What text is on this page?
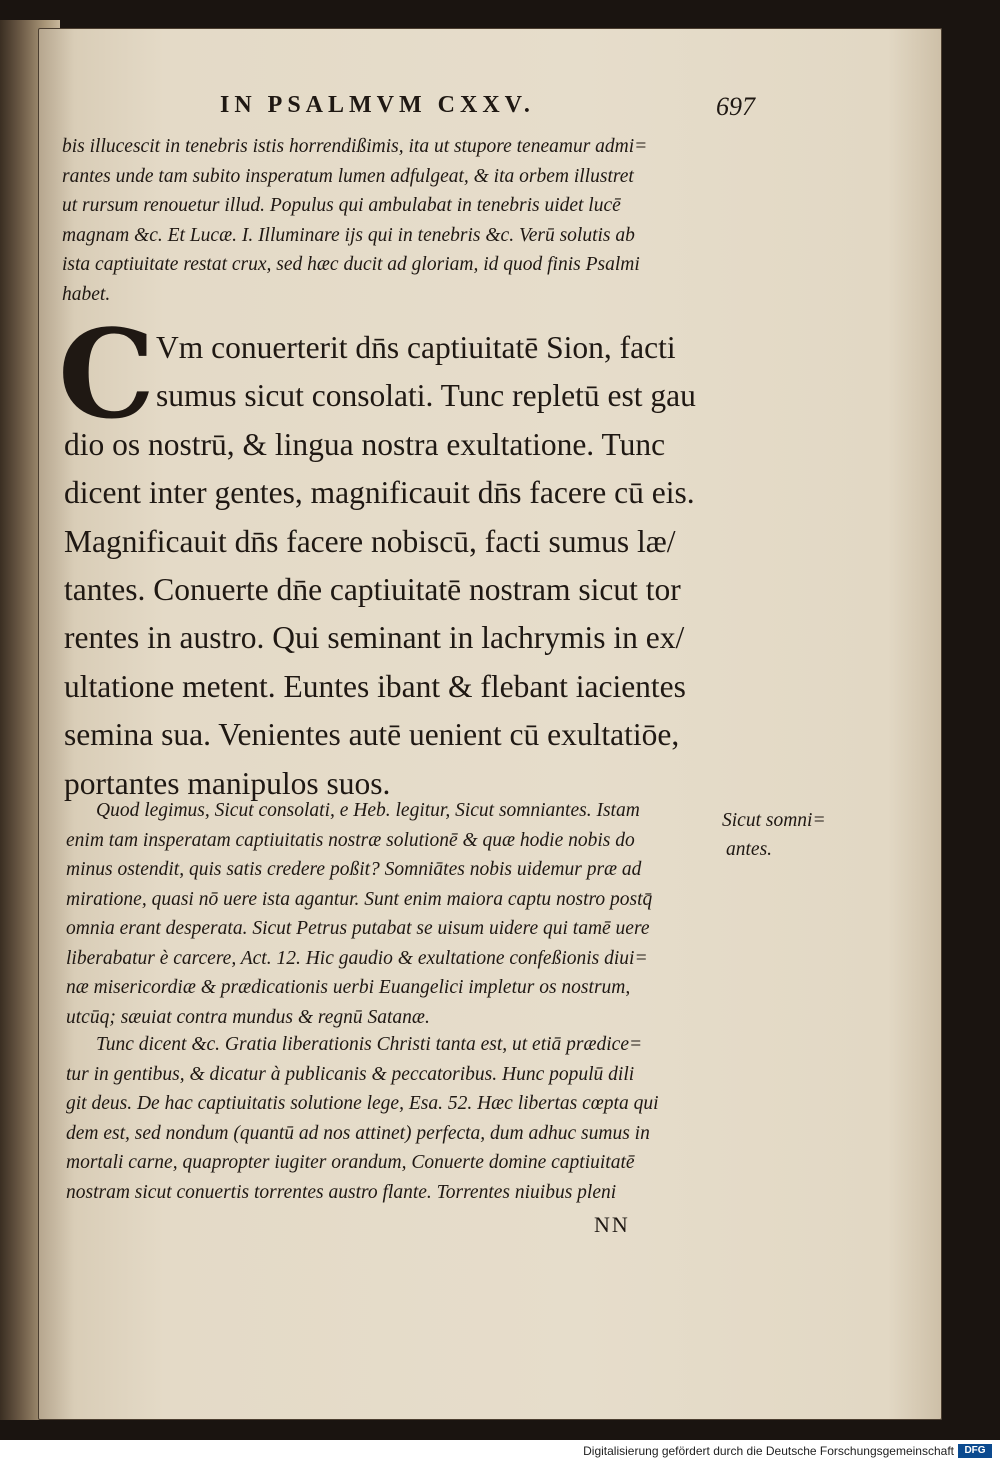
IN PSALMVM CXXV.	697
bis illucescit in tenebris istis horrendißimis, ita ut stupore teneamur admi=
rantes unde tam subito insperatum lumen adfulgeat, & ita orbem illustret
ut rursum renouetur illud. Populus qui ambulabat in tenebris uidet lucē
magnam &c. Et Lucæ. I. Illuminare ijs qui in tenebris &c. Verū solutis ab
ista captiuitate restat crux, sed hæc ducit ad gloriam, id quod finis Psalmi
habet.
C Vm conuerterit dn̄s captiuitatē Sion, facti
sumus sicut consolati. Tunc repletū est gau
dio os nostrū, & lingua nostra exultatione. Tunc
dicent inter gentes, magnificauit dn̄s facere cū eis.
Magnificauit dn̄s facere nobiscū, facti sumus læ/
tantes. Conuerte dn̄e captiuitatē nostram sicut tor
rentes in austro. Qui seminant in lachrymis in ex/
ultatione metent. Euntes ibant & flebant iacientes
semina sua. Venientes autē uenient cū exultatiōe,
portantes manipulos suos.
Quod legimus, Sicut consolati, e Heb. legitur, Sicut somniantes. Istam
enim tam insperatam captiuitatis nostræ solutionē & quæ hodie nobis do
minus ostendit, quis satis credere poßit? Somniātes nobis uidemur præ ad
miratione, quasi nō uere ista agantur. Sunt enim maiora captu nostro postq̄
omnia erant desperata. Sicut Petrus putabat se uisum uidere qui tamē uere
liberabatur è carcere, Act. 12. Hic gaudio & exultatione confeßionis diui=
næ misericordiæ & prædicationis uerbi Euangelici impletur os nostrum,
utcūq; sæuiat contra mundus & regnū Satanæ.
Sicut somni=
antes.
Tunc dicent &c. Gratia liberationis Christi tanta est, ut etiā prædice=
tur in gentibus, & dicatur à publicanis & peccatoribus. Hunc populū dili
git deus. De hac captiuitatis solutione lege, Esa. 52. Hæc libertas cœpta qui
dem est, sed nondum (quantū ad nos attinet) perfecta, dum adhuc sumus in
mortali carne, quapropter iugiter orandum, Conuerte domine captiuitatē
nostram sicut conuertis torrentes austro flante. Torrentes niuibus pleni
NN
Digitalisierung gefördert durch die Deutsche Forschungsgemeinschaft	DFG
